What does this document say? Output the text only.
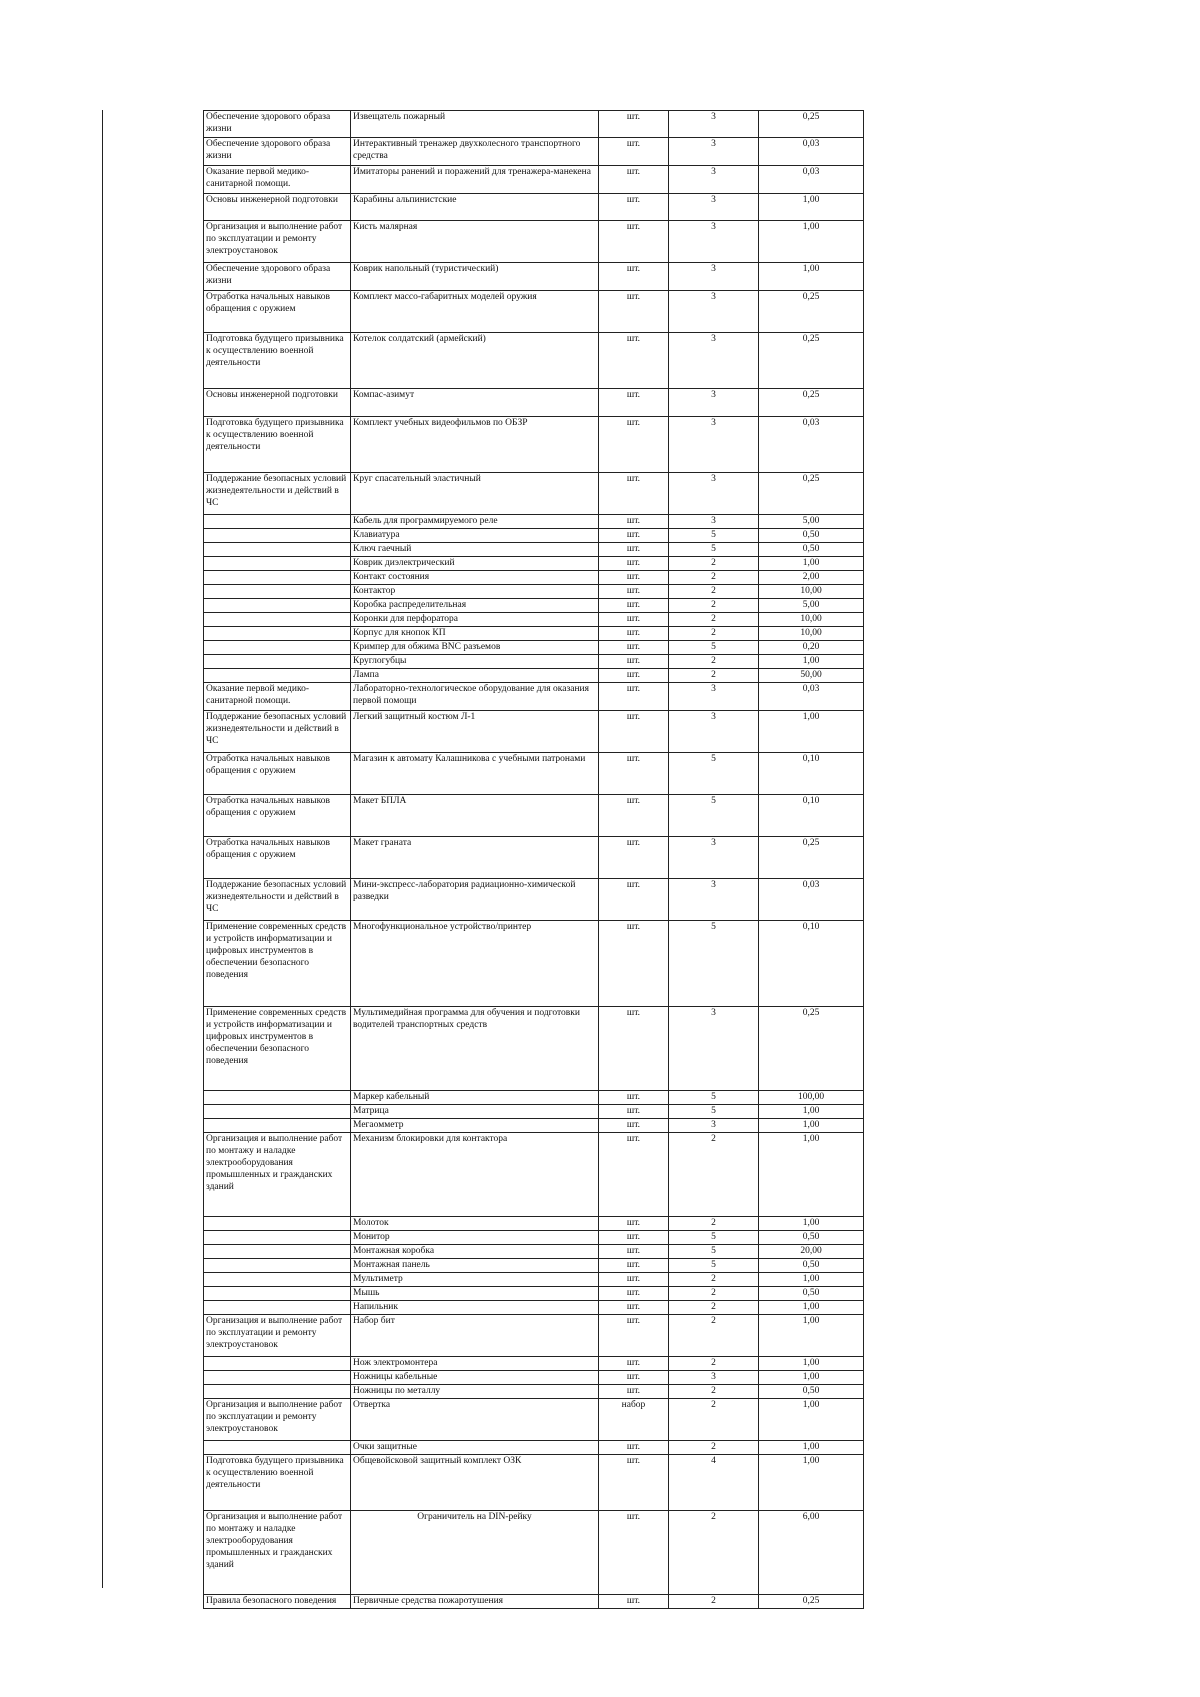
Обеспечение здорового образа жизни	Извещатель пожарный	шт.	3	0,25
Обеспечение здорового образа жизни	Интерактивный тренажер двухколесного транспортного средства	шт.	3	0,03
Оказание первой медико-санитарной помощи.	Имитаторы ранений и поражений для тренажера-манекена	шт.	3	0,03
Основы инженерной подготовки	Карабины альпинистские	шт.	3	1,00
Организация и выполнение работ по эксплуатации и ремонту электроустановок	Кисть малярная	шт.	3	1,00
Обеспечение здорового образа жизни	Коврик напольный (туристический)	шт.	3	1,00
Отработка начальных навыков обращения с оружием	Комплект массо-габаритных моделей оружия	шт.	3	0,25
Подготовка будущего призывника к осуществлению военной деятельности	Котелок солдатский (армейский)	шт.	3	0,25
Основы инженерной подготовки	Компас-азимут	шт.	3	0,25
Подготовка будущего призывника к осуществлению военной деятельности	Комплект учебных видеофильмов по ОБЗР	шт.	3	0,03
Поддержание безопасных условий жизнедеятельности и действий в ЧС	Круг спасательный эластичный	шт.	3	0,25
	Кабель для программируемого реле	шт.	3	5,00
	Клавиатура	шт.	5	0,50
	Ключ гаечный	шт.	5	0,50
	Коврик диэлектрический	шт.	2	1,00
	Контакт состояния	шт.	2	2,00
	Контактор	шт.	2	10,00
	Коробка распределительная	шт.	2	5,00
	Коронки для перфоратора	шт.	2	10,00
	Корпус для кнопок КП	шт.	2	10,00
	Кримпер для обжима BNC разъемов	шт.	5	0,20
	Круглогубцы	шт.	2	1,00
	Лампа	шт.	2	50,00
Оказание первой медико-санитарной помощи.	Лабораторно-технологическое оборудование для оказания первой помощи	шт.	3	0,03
Поддержание безопасных условий жизнедеятельности и действий в ЧС	Легкий защитный костюм Л-1	шт.	3	1,00
Отработка начальных навыков обращения с оружием	Магазин к автомату Калашникова с учебными патронами	шт.	5	0,10
Отработка начальных навыков обращения с оружием	Макет БПЛА	шт.	5	0,10
Отработка начальных навыков обращения с оружием	Макет граната	шт.	3	0,25
Поддержание безопасных условий жизнедеятельности и действий в ЧС	Мини-экспресс-лаборатория радиационно-химической разведки	шт.	3	0,03
Применение современных средств и устройств информатизации и цифровых инструментов в обеспечении безопасного поведения	Многофункциональное устройство/принтер	шт.	5	0,10
Применение современных средств и устройств информатизации и цифровых инструментов в обеспечении безопасного поведения	Мультимедийная программа для обучения и подготовки водителей транспортных средств	шт.	3	0,25
	Маркер кабельный	шт.	5	100,00
	Матрица	шт.	5	1,00
	Мегаомметр	шт.	3	1,00
Организация и выполнение работ по монтажу и наладке электрооборудования промышленных и гражданских зданий	Механизм блокировки для контактора	шт.	2	1,00
	Молоток	шт.	2	1,00
	Монитор	шт.	5	0,50
	Монтажная коробка	шт.	5	20,00
	Монтажная панель	шт.	5	0,50
	Мультиметр	шт.	2	1,00
	Мышь	шт.	2	0,50
	Напильник	шт.	2	1,00
Организация и выполнение работ по эксплуатации и ремонту электроустановок	Набор бит	шт.	2	1,00
	Нож электромонтера	шт.	2	1,00
	Ножницы кабельные	шт.	3	1,00
	Ножницы по металлу	шт.	2	0,50
Организация и выполнение работ по эксплуатации и ремонту электроустановок	Отвертка	набор	2	1,00
	Очки защитные	шт.	2	1,00
Подготовка будущего призывника к осуществлению военной деятельности	Общевойсковой защитный комплект ОЗК	шт.	4	1,00
Организация и выполнение работ по монтажу и наладке электрооборудования промышленных и гражданских зданий	Ограничитель на DIN-рейку	шт.	2	6,00
Правила безопасного поведения	Первичные средства пожаротушения	шт.	2	0,25
